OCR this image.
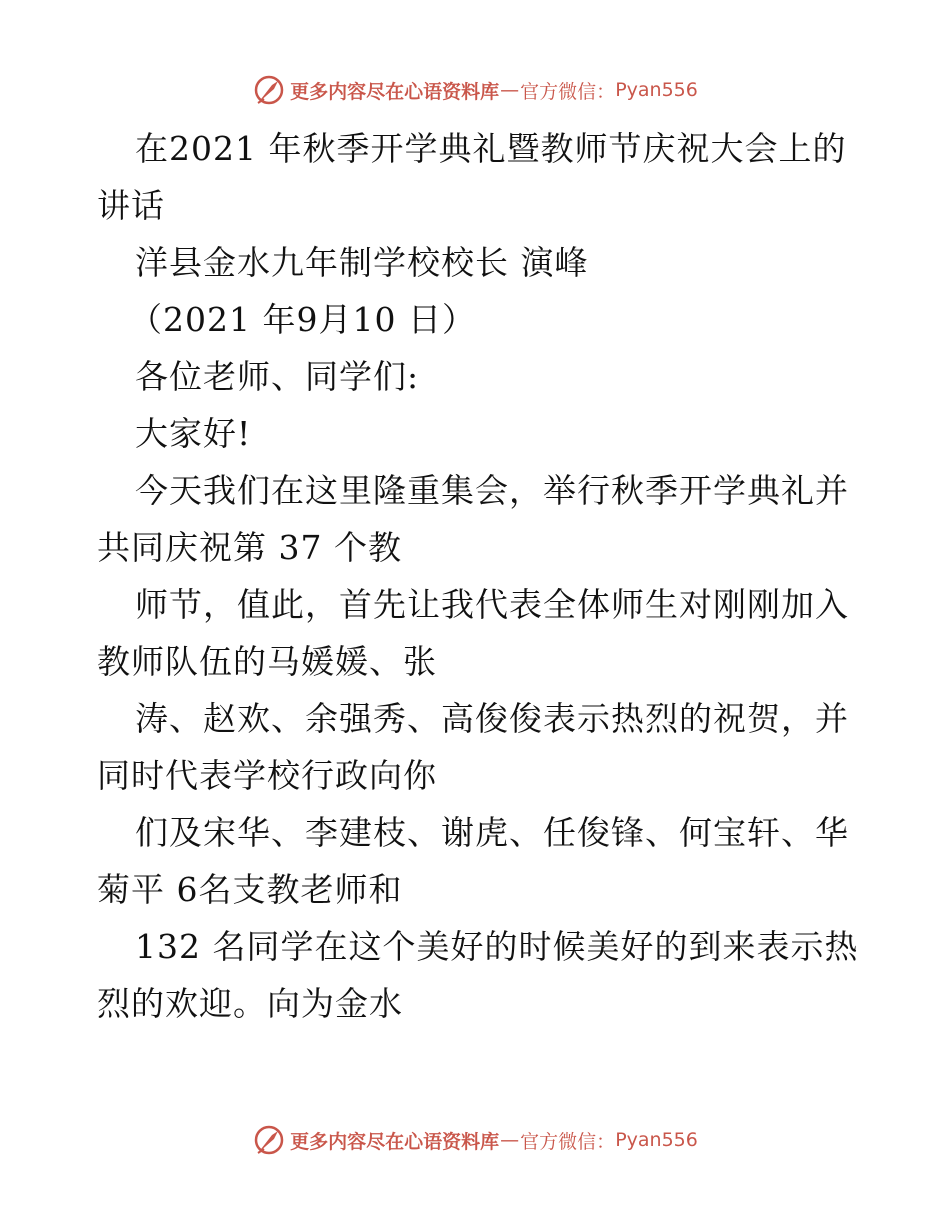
更多内容尽在心语资料库 — 官方微信： Pyan556
在2021 年秋季开学典礼暨教师节庆祝大会上的
讲话
洋县金水九年制学校校长 演峰
（2021 年9月10 日）
各位老师、同学们:
大家好!
今天我们在这里隆重集会，举行秋季开学典礼并
共同庆祝第 37 个教
师节，值此，首先让我代表全体师生对刚刚加入
教师队伍的马媛媛、张
涛、赵欢、余强秀、高俊俊表示热烈的祝贺，并
同时代表学校行政向你
们及宋华、李建枝、谢虎、任俊锋、何宝轩、华
菊平 6名支教老师和
132 名同学在这个美好的时候美好的到来表示热
烈的欢迎。向为金水
更多内容尽在心语资料库 — 官方微信： Pyan556
